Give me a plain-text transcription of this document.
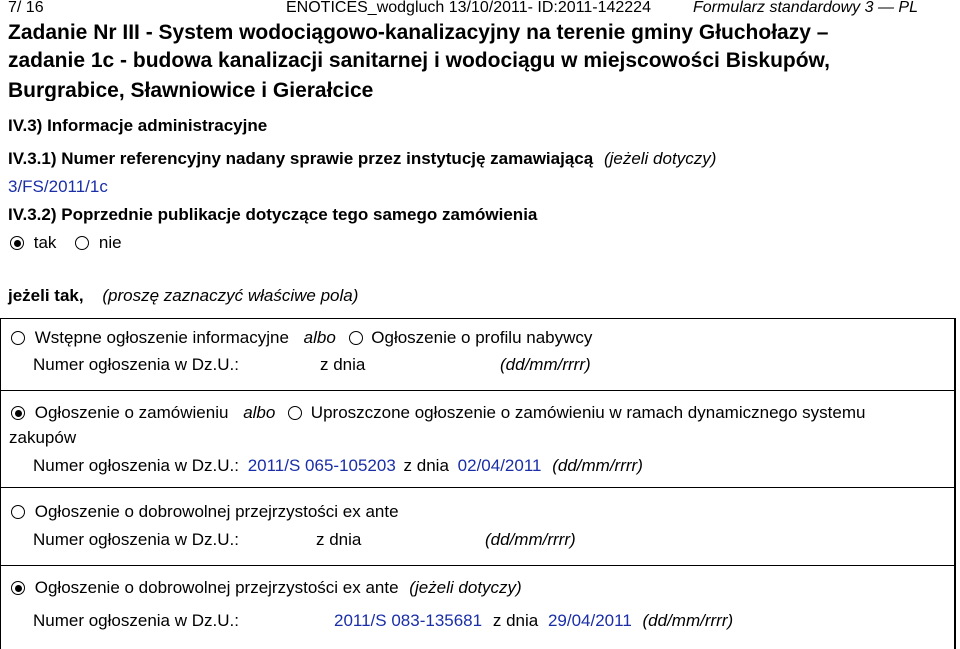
7/ 16	ENOTICES_wodgluch 13/10/2011- ID:2011-142224	Formularz standardowy 3 — PL
Zadanie Nr III - System wodociągowo-kanalizacyjny na terenie gminy Głuchołazy –
zadanie 1c - budowa kanalizacji sanitarnej i wodociągu w miejscowości Biskupów,
Burgrabice, Sławniowice i Gierałcice
IV.3) Informacje administracyjne
IV.3.1) Numer referencyjny nadany sprawie przez instytucję zamawiającą (jeżeli dotyczy)
3/FS/2011/1c
IV.3.2) Poprzednie publikacje dotyczące tego samego zamówienia
tak nie
jeżeli tak, (proszę zaznaczyć właściwe pola)
Wstępne ogłoszenie informacyjne albo Ogłoszenie o profilu nabywcy
Numer ogłoszenia w Dz.U.:	z dnia	(dd/mm/rrrr)
Ogłoszenie o zamówieniu albo Uproszczone ogłoszenie o zamówieniu w ramach dynamicznego systemu
zakupów
Numer ogłoszenia w Dz.U.: 2011/S 065-105203 z dnia 02/04/2011 (dd/mm/rrrr)
Ogłoszenie o dobrowolnej przejrzystości ex ante
Numer ogłoszenia w Dz.U.:	z dnia	(dd/mm/rrrr)
Ogłoszenie o dobrowolnej przejrzystości ex ante (jeżeli dotyczy)
Numer ogłoszenia w Dz.U.:	2011/S 083-135681 z dnia 29/04/2011 (dd/mm/rrrr)
